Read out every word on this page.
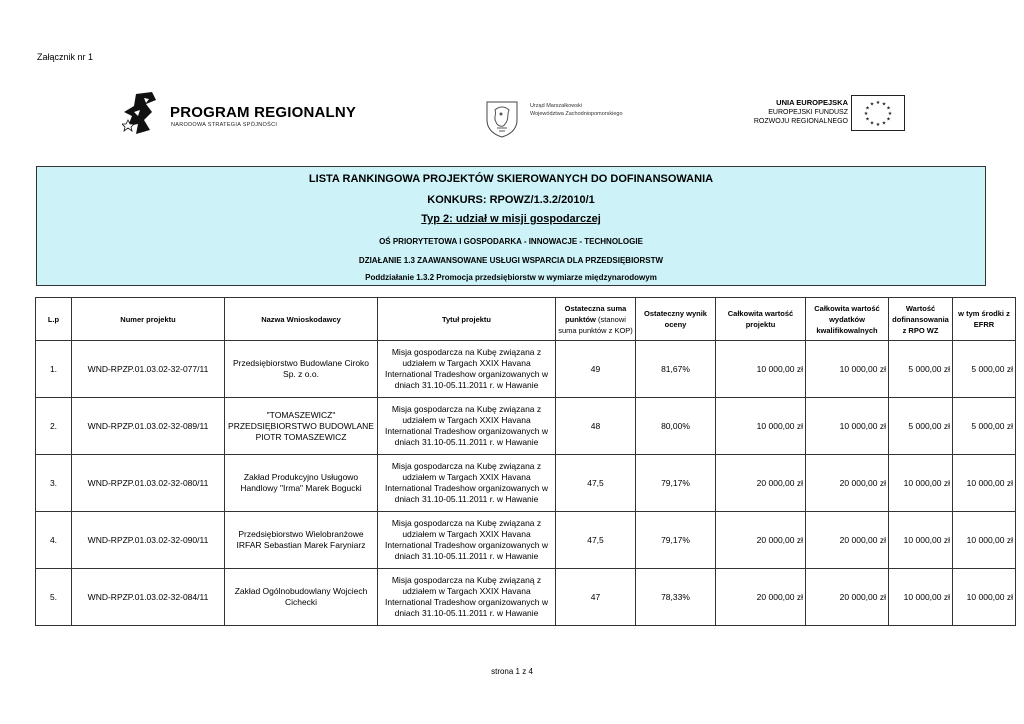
Załącznik nr 1
PROGRAM REGIONALNY
NARODOWA STRATEGIA SPÓJNOŚCI
Urząd Marszałkowski
Województwa Zachodniopomorskiego
UNIA EUROPEJSKA
EUROPEJSKI FUNDUSZ
ROZWOJU REGIONALNEGO
★ ★
★
★
★
★
★
★
★
★
★
★
LISTA RANKINGOWA PROJEKTÓW SKIEROWANYCH DO DOFINANSOWANIA
KONKURS: RPOWZ/1.3.2/2010/1
Typ 2: udział w misji gospodarczej
OŚ PRIORYTETOWA I GOSPODARKA - INNOWACJE - TECHNOLOGIE
DZIAŁANIE 1.3 ZAAWANSOWANE USŁUGI WSPARCIA DLA PRZEDSIĘBIORSTW
Poddziałanie 1.3.2 Promocja przedsiębiorstw w wymiarze międzynarodowym
L.p	Numer projektu	Nazwa Wnioskodawcy	Tytuł projektu	Ostateczna suma punktów (stanowi suma punktów z KOP)	Ostateczny wynik oceny	Całkowita wartość projektu	Całkowita wartość wydatków kwalifikowalnych	Wartość dofinansowania z RPO WZ	w tym środki z EFRR
1.	WND-RPZP.01.03.02-32-077/11	Przedsiębiorstwo Budowlane Ciroko Sp. z o.o.	Misja gospodarcza na Kubę związana z udziałem w Targach XXIX Havana International Tradeshow organizowanych w dniach 31.10-05.11.2011 r. w Hawanie	49	81,67%	10 000,00 zł	10 000,00 zł	5 000,00 zł	5 000,00 zł
2.	WND-RPZP.01.03.02-32-089/11	"TOMASZEWICZ" PRZEDSIĘBIORSTWO BUDOWLANE PIOTR TOMASZEWICZ	Misja gospodarcza na Kubę związana z udziałem w Targach XXIX Havana International Tradeshow organizowanych w dniach 31.10-05.11.2011 r. w Hawanie	48	80,00%	10 000,00 zł	10 000,00 zł	5 000,00 zł	5 000,00 zł
3.	WND-RPZP.01.03.02-32-080/11	Zakład Produkcyjno Usługowo Handlowy "Irma" Marek Bogucki	Misja gospodarcza na Kubę związana z udziałem w Targach XXIX Havana International Tradeshow organizowanych w dniach 31.10-05.11.2011 r. w Hawanie	47,5	79,17%	20 000,00 zł	20 000,00 zł	10 000,00 zł	10 000,00 zł
4.	WND-RPZP.01.03.02-32-090/11	Przedsiębiorstwo Wielobranżowe IRFAR Sebastian Marek Faryniarz	Misja gospodarcza na Kubę związana z udziałem w Targach XXIX Havana International Tradeshow organizowanych w dniach 31.10-05.11.2011 r. w Hawanie	47,5	79,17%	20 000,00 zł	20 000,00 zł	10 000,00 zł	10 000,00 zł
5.	WND-RPZP.01.03.02-32-084/11	Zakład Ogólnobudowlany Wojciech Cichecki	Misja gospodarcza na Kubę związaną z udziałem w Targach XXIX Havana International Tradeshow organizowanych w dniach 31.10-05.11.2011 r. w Hawanie	47	78,33%	20 000,00 zł	20 000,00 zł	10 000,00 zł	10 000,00 zł
strona 1 z 4
